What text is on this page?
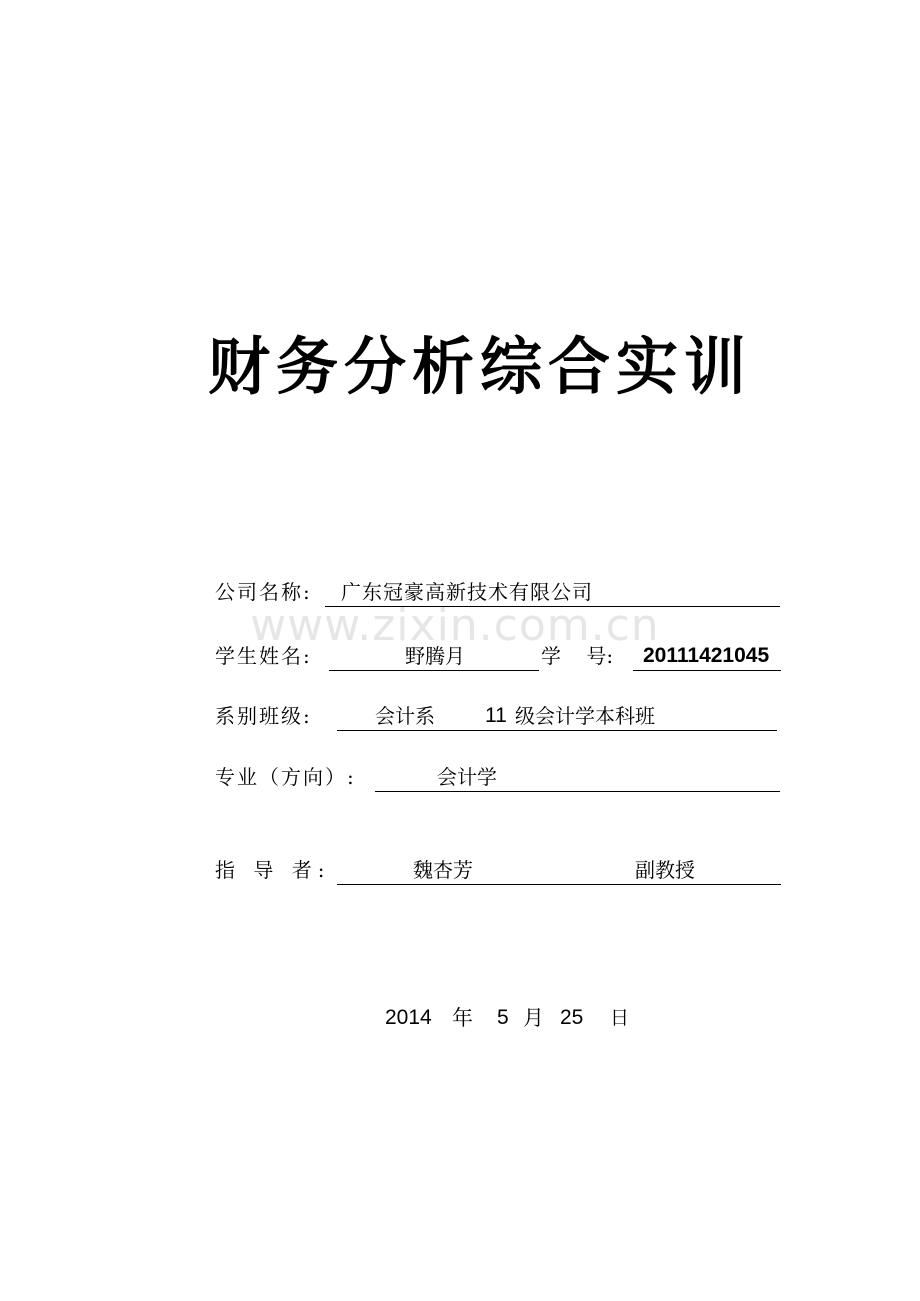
财务分析综合实训
www.zixin.com.cn
公司名称: 广东冠豪高新技术有限公司
学生姓名:	野腾月	学    号: 20111421045
系别班级:	会计系 11 级会计学本科班
专业（方向）:	会计学
指 导 者:	魏杏芳	副教授
2014 年 5 月 25 日
